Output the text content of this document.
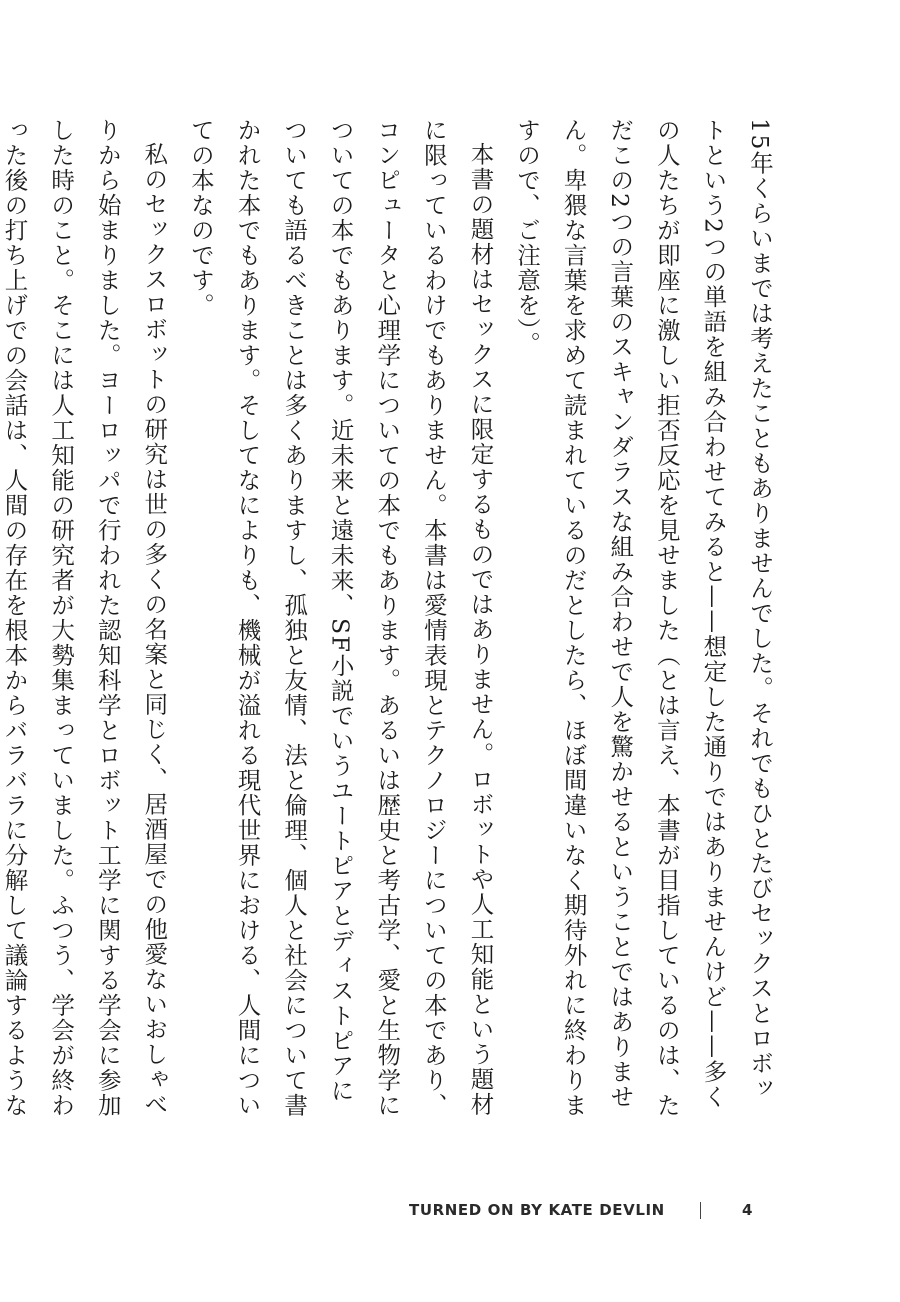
15年くらいまでは考えたこともありませんでした。それでもひとたびセックスとロボットという2つの単語を組み合わせてみると——想定した通りではありませんけど——多くの人たちが即座に激しい拒否反応を見せました（とは言え、本書が目指しているのは、ただこの2つの言葉のスキャンダラスな組み合わせで人を驚かせるということではありません。卑猥な言葉を求めて読まれているのだとしたら、ほぼ間違いなく期待外れに終わりますので、ご注意を）。

本書の題材はセックスに限定するものではありません。ロボットや人工知能という題材に限っているわけでもありません。本書は愛情表現とテクノロジーについての本であり、コンピュータと心理学についての本でもあります。あるいは歴史と考古学、愛と生物学についての本でもあります。近未来と遠未来、SF小説でいうユートピアとディストピアについても語るべきことは多くありますし、孤独と友情、法と倫理、個人と社会について書かれた本でもあります。そしてなによりも、機械が溢れる現代世界における、人間についての本なのです。

私のセックスロボットの研究は世の多くの名案と同じく、居酒屋での他愛ないおしゃべりから始まりました。ヨーロッパで行われた認知科学とロボット工学に関する学会に参加した時のこと。そこには人工知能の研究者が大勢集まっていました。ふつう、学会が終わった後の打ち上げでの会話は、人間の存在を根本からバラバラに分解して議論するような

TURNED ON BY KATE DEVLIN	4
